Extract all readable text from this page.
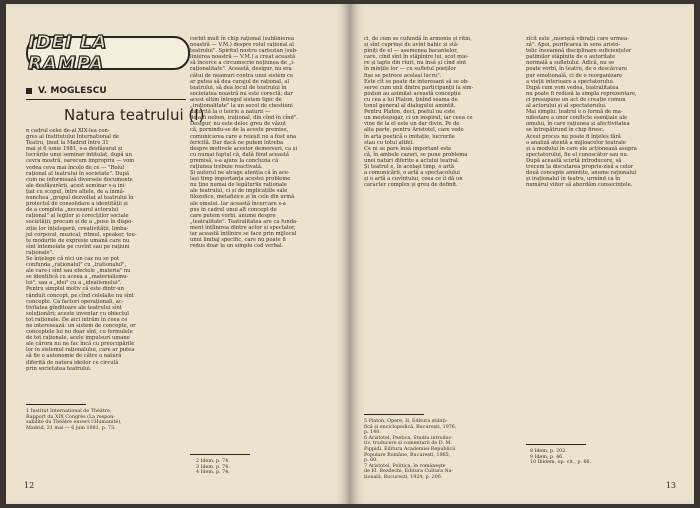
IDEI LA RAMPA
V. MOGLESCU
Natura teatrului (I)
n cadrul celei de-al XIX-lea con-
gres al Institutului International de
Teatru, ținut la Madrid între 31
mai și 6 iunie 1981, s-a desfășurat și
lucrările unui seminar intitulat, după un
cevra mostră, oarecum impropriu — vom
vedea ceva mai încolo de ce — "Rolul
rațional al teatrului în societate". După
cum ne informează diversele documente
ale desfășurării, acest seminar s-a ini-
țiat cu scopul, între altele, de a înmă-
nunchea „grupul dezvoltat al teatrului în
proiectul de consolidare a identității și
de a completa „necesarul actorului
rațional" al legilor și corecțiilor sociale
societății, precum și de a „puse în dispo-
ziție lor înțelegerii, creativității, limba-
jul corporal, muzical, ritmul, speaker, tou-
te modurile de expresie umană care nu
sînt întemeiate pe cuvînt sau pe rațiuni
raționale".
Se înțelege că nici un caz nu se pot
confunda „raționalul" cu „irationalul",
ale care-i sînt sau efectele „materia" nu
se identifică cu aceea a „materialismu-
lui", sau a „idei" cu a „idealismului".
Pentru simplul motiv că este dintr-un
rânduit concept, pe cînd celelalte nu sînt
concepte. Ca factori operaționali, ac-
tivitatea gînditoare ale teatrului sînt
soluționări; aceste inventar cu obiectul
tot raționale. De aici intrăm în ceea ce
ne interesează: un sistem de concepte, or
conceptele lui nu doar sînt, cu formulele
de tot raționale, acele impulsuri umane
ale cărora nu ne fac încă cu preocupările
lor în sistemul raționalului, care ar putea
să fie o autonomie de către o natură
diferită de natura ideilor ce circulă
prin societatea teatrului.
corbit mult în chip rațional (sublinierea
noastră — V.M.) despre rolul rațional al
teatrului". Spiritul nostru cartezian (sub-
linierea noastră — V.M.) a creat această
să încerce a circumscrie noțiunea de „i-
raționalitate". Această, desigur, nu era
cătui de neamuri contra unui sistem ce
ar putea să dea curajul de rațional, al
teatrului, să dea locul de teatrului în
societatea noastră nu este corectă; dar
acest ultim întregul sistem tipic de
„iraționalitate" la un secol de chestiuni
datorită la o teorie a naturii —
de a fi nebun, irațional, din cînd în cînd".
Desigur, nu este deloc greu de văzut
că, pornindu-se de la aceste premise,
comunicarea care a reieșit nu a fost una
fericită. Dar dacă ne putem întreba
despre motivele acestor demersuri, ca și
cu numai faptul că, dată fiind această
premisă, s-a ajuns la concluzia că
rațiunea trebuie reactivată.
Și autorul ne atrage atenția că în ace-
lași timp importanța acestei probleme
nu ține numai de legăturile raționale
ale teatrului, ci și de implicațiile sale
filozofice, metafizice și în cele din urmă
ale omului. Iar această încercare s-a
pus în cadrul unui alt concept de
care putem vorbi, anume despre
„teatralitate". Teatralitatea are ca funda-
ment întîlnirea dintre actor și spectator,
iar această întîlnire se face prin mijlocul
unui limbaj specific, care nu poate fi
redus doar la un simplu cod verbal.
1 Institut International de Théâtre,
Rapport du XIX Congrès (La respon-
sabilité du Théâtre envers l'Humanité),
Madrid, 31 mai — 6 juin 1981, p. 73.
2 Idem, p. 74.
3 Idem, p. 74.
4 Idem, p. 74.
12
ci, de cum se cufundă în armonie și ritm,
și sînt cuprinși de avînt bahic și stă-
pîniți de el — asemenea bacantelor,
care, cînd sînt în stăpînire lui, scot mie-
re și lapte din rîuri, nu însă și cînd sînt
în mințile lor — cu sufletul poeților
fișe se petrece același lucru".
Este cît se poate de interesant să se ob-
serve cum unii dintre participanții la sim-
pozion au asimilat această concepție
cu cea a lui Platon, ținînd seama de
tonul general al dialogului amintit.
Pentru Platon, deci, poetul nu este
un meșteșugar, ci un inspirat, iar ceea ce
vine de la el este un dar divin. Pe de
alta parte, pentru Aristotel, care vede
în arta poetică o imitație, lucrurile
stau cu totul altfel.
Ce ni se pare însă important este
că, în ambele cazuri, se pune problema
unei naturi diferite a actului teatral.
Și teatrul e, în același timp, o artă
a comunicării, o artă a spectacolului
și o artă a cuvîntului, ceea ce îi dă un
caracter complex și greu de definit.
zicit este „morișcă vibrații care urmea-
ză". Apoi, purificarea în sens aristo-
telic înseamnă disciplinare suficiențelor
patimilor stăpînite de o autoritate
normală a sufletului. Adică, nu se
poate vorbi, în teatru, de o descărcare
pur emoțională, ci de o reorganizare
a vieții interioare a spectatorului.
După cum vom vedea, teatralitatea
nu poate fi redusă la simpla reprezentare,
ci presupune un act de creație comun
al actorului și al spectatorului.
Mai simplu: teatrul e o formă de ma-
nifestare a unor conflicte esențiale ale
omului, în care rațiunea și afectivitatea
se întrepătrund în chip firesc.
Acest proces nu poate fi înțeles fără
o analiză atentă a mijloacelor teatrale
și a modului în care ele acționează asupra
spectatorului, fie el cunoscător sau nu.
După această scurtă introducere, să
trecem la discutarea propriu-zisă a celor
două concepte amintite, anume raționalul
și iraționalul în teatru, urmînd ca în
numărul viitor să abordăm consecințele.
5 Platon, Opere, II, Editura științi-
fică și enciclopedică, București, 1976,
p. 140.
6 Aristotel, Poetica, Studiu introduc-
tiv, traducere și comentarii de D. M.
Pippidi, Editura Academiei Republicii
Populare Române, București, 1965,
p. 60.
7 Aristotel, Politica, în româneşte
de El. Bezdechi, Editura Cultura Na-
țională, București, 1924, p. 206.
8 Idem, p. 202.
9 Idem, p. 46.
10 Ibidem, op. cit., p. 66.
13
